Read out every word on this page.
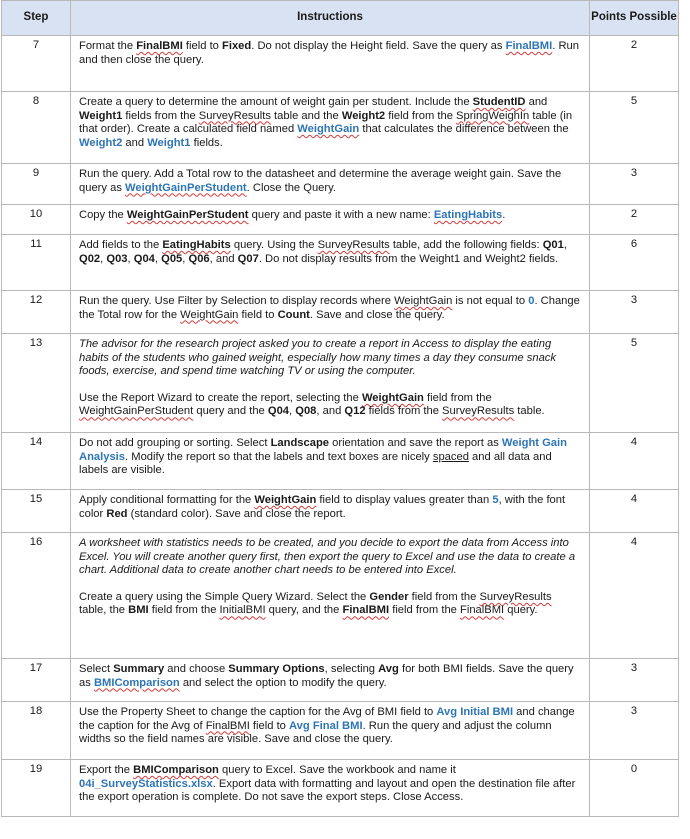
Step	Instructions	Points Possible
7	Format the FinalBMI field to Fixed. Do not display the Height field. Save the query as FinalBMI. Run and then close the query.	2
8	Create a query to determine the amount of weight gain per student. Include the StudentID and Weight1 fields from the SurveyResults table and the Weight2 field from the SpringWeighIn table (in that order). Create a calculated field named WeightGain that calculates the difference between the Weight2 and Weight1 fields.	5
9	Run the query. Add a Total row to the datasheet and determine the average weight gain. Save the query as WeightGainPerStudent. Close the Query.	3
10	Copy the WeightGainPerStudent query and paste it with a new name: EatingHabits.	2
11	Add fields to the EatingHabits query. Using the SurveyResults table, add the following fields: Q01, Q02, Q03, Q04, Q05, Q06, and Q07. Do not display results from the Weight1 and Weight2 fields.	6
12	Run the query. Use Filter by Selection to display records where WeightGain is not equal to 0. Change the Total row for the WeightGain field to Count. Save and close the query.	3
13	The advisor for the research project asked you to create a report in Access to display the eating habits of the students who gained weight, especially how many times a day they consume snack foods, exercise, and spend time watching TV or using the computer.
Use the Report Wizard to create the report, selecting the WeightGain field from the WeightGainPerStudent query and the Q04, Q08, and Q12 fields from the SurveyResults table.	5
14	Do not add grouping or sorting. Select Landscape orientation and save the report as Weight Gain Analysis. Modify the report so that the labels and text boxes are nicely spaced and all data and labels are visible.	4
15	Apply conditional formatting for the WeightGain field to display values greater than 5, with the font color Red (standard color). Save and close the report.	4
16	A worksheet with statistics needs to be created, and you decide to export the data from Access into Excel. You will create another query first, then export the query to Excel and use the data to create a chart. Additional data to create another chart needs to be entered into Excel.
Create a query using the Simple Query Wizard. Select the Gender field from the SurveyResults table, the BMI field from the InitialBMI query, and the FinalBMI field from the FinalBMI query.	4
17	Select Summary and choose Summary Options, selecting Avg for both BMI fields. Save the query as BMIComparison and select the option to modify the query.	3
18	Use the Property Sheet to change the caption for the Avg of BMI field to Avg Initial BMI and change the caption for the Avg of FinalBMI field to Avg Final BMI. Run the query and adjust the column widths so the field names are visible. Save and close the query.	3
19	Export the BMIComparison query to Excel. Save the workbook and name it 04i_SurveyStatistics.xlsx. Export data with formatting and layout and open the destination file after the export operation is complete. Do not save the export steps. Close Access.	0
